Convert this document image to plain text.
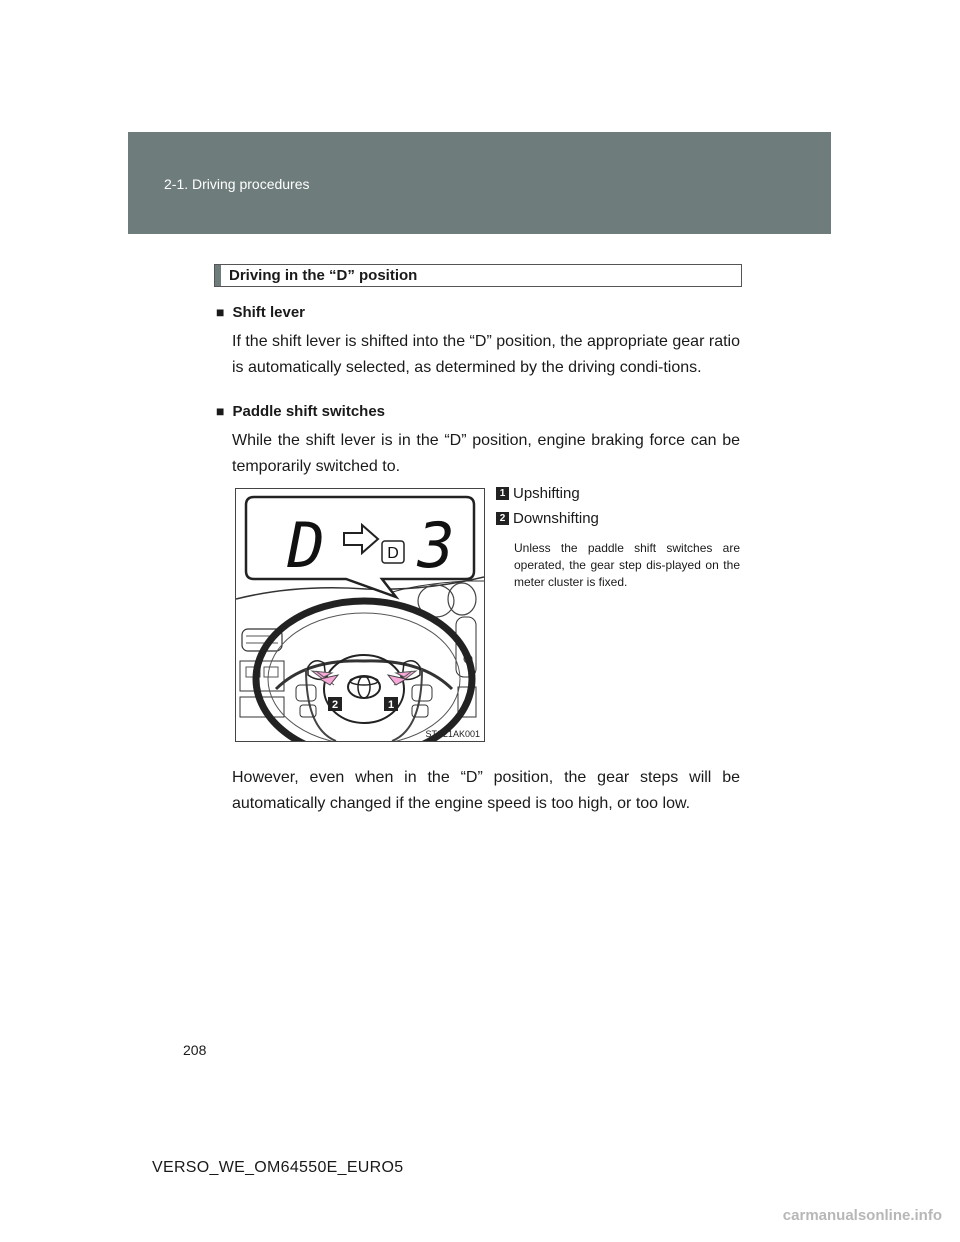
2-1. Driving procedures
Driving in the “D” position
■ Shift lever
If the shift lever is shifted into the “D” position, the appropriate gear ratio is automatically selected, as determined by the driving condi-tions.
■ Paddle shift switches
While the shift lever is in the “D” position, engine braking force can be temporarily switched to.
2	1
D	D 3
STS21AK001
1 Upshifting
2 Downshifting
Unless the paddle shift switches are operated, the gear step dis-played on the meter cluster is fixed.
However, even when in the “D” position, the gear steps will be automatically changed if the engine speed is too high, or too low.
208
VERSO_WE_OM64550E_EURO5
carmanualsonline.info
